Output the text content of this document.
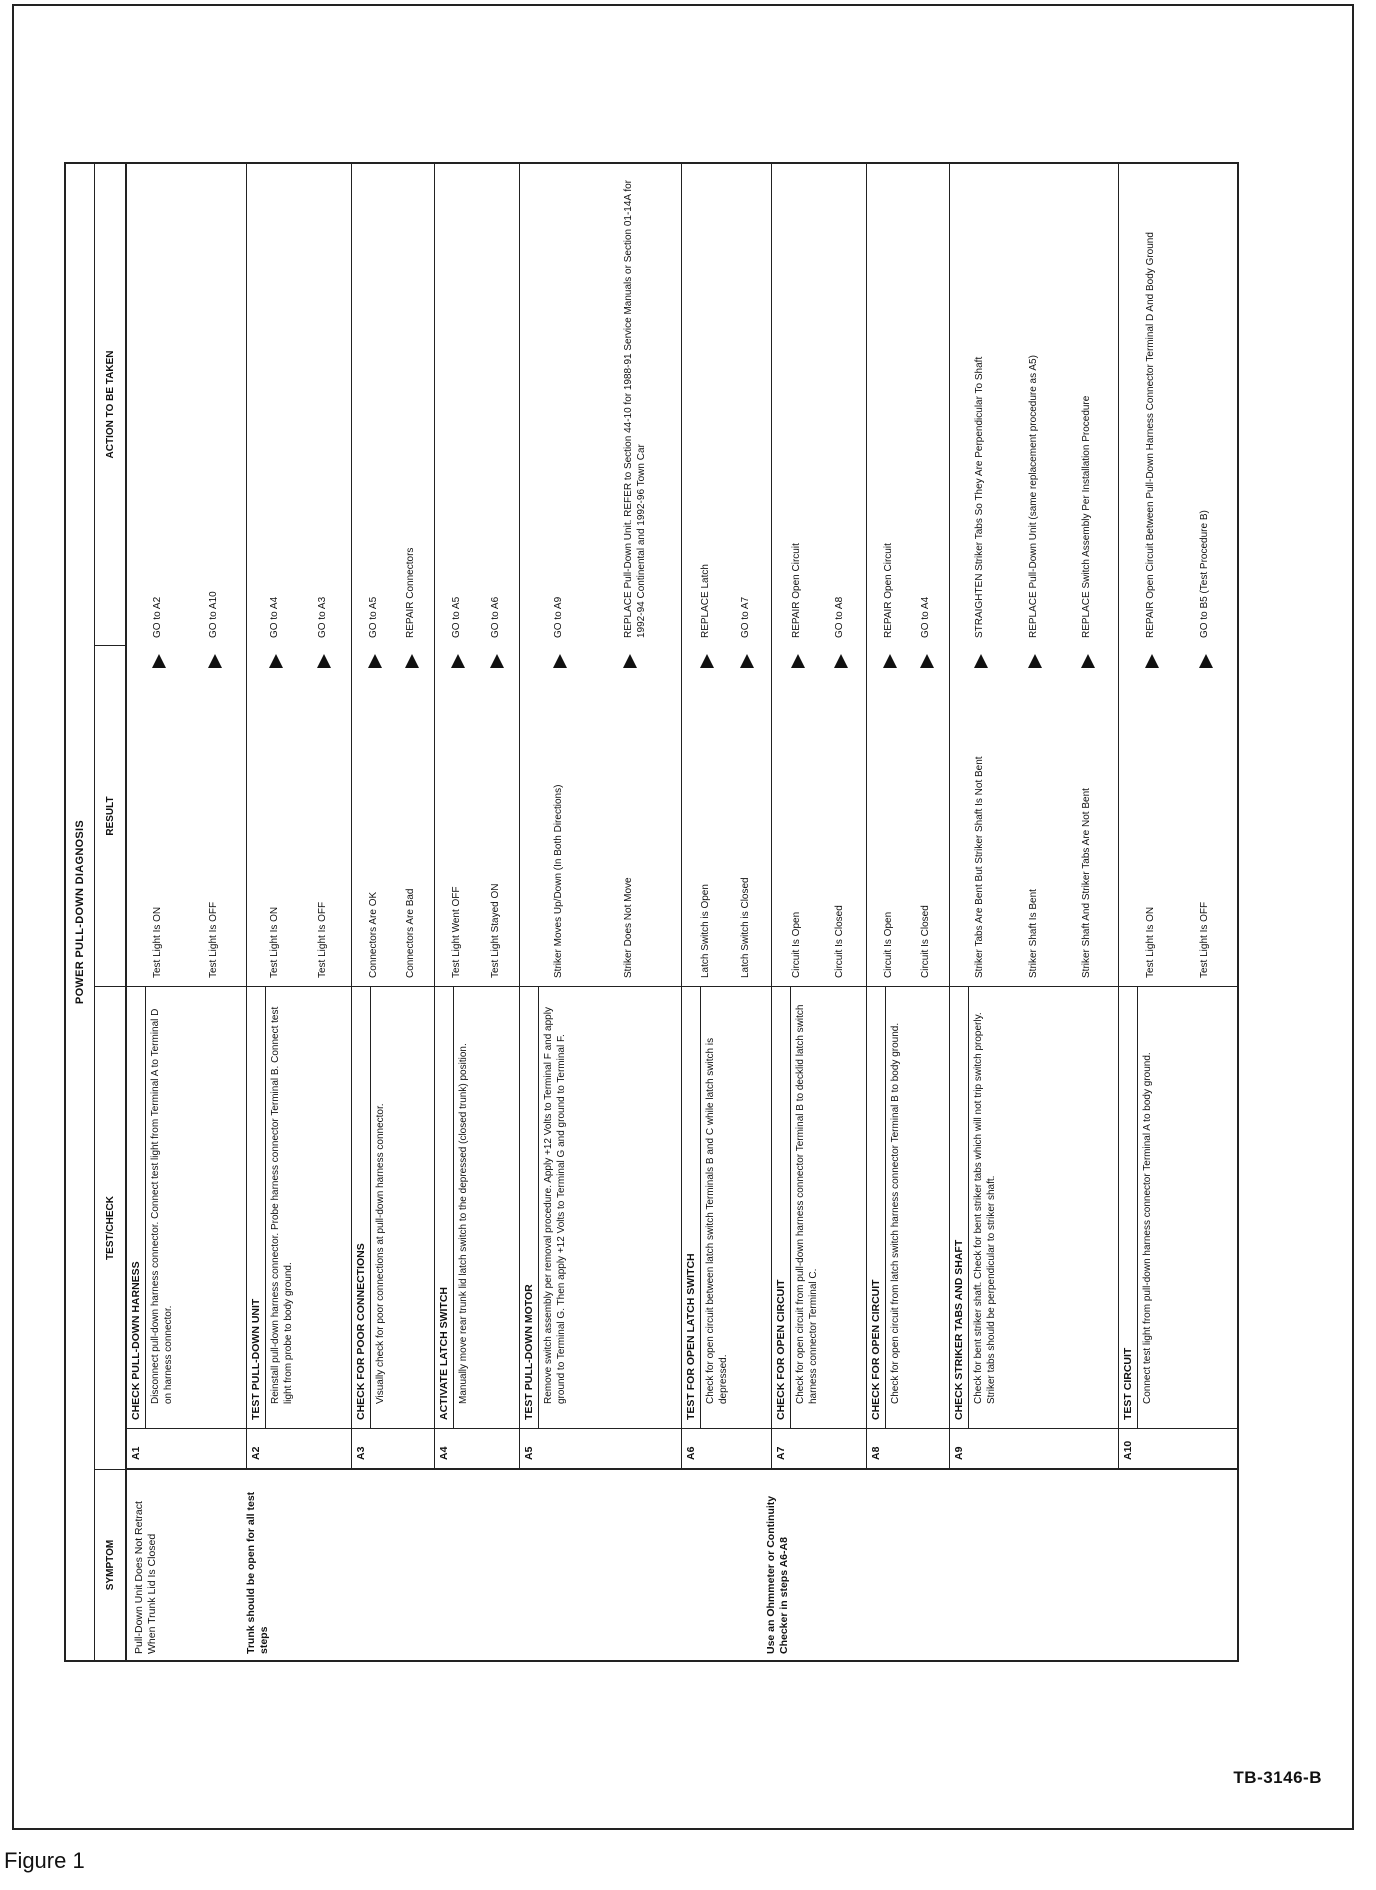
TB-3146-B
Figure 1
POWER PULL-DOWN DIAGNOSIS
SYMPTOM
TEST/CHECK
RESULT
ACTION TO BE TAKEN
Pull-Down Unit Does Not Retract When Trunk Lid Is Closed	Trunk should be open for all test steps	Use an Ohmmeter or Continuity Checker in steps A6-A8
A1
CHECK PULL-DOWN HARNESS Disconnect pull-down harness connector. Connect test light from Terminal A to Terminal D on harness connector.
Test Light Is ON
GO to A2
Test Light Is OFF
GO to A10
A2
TEST PULL-DOWN UNIT Reinstall pull-down harness connector. Probe harness connector Terminal B. Connect test light from probe to body ground.
Test Light Is ON
GO to A4
Test Light Is OFF
GO to A3
A3
CHECK FOR POOR CONNECTIONS Visually check for poor connections at pull-down harness connector.
Connectors Are OK
GO to A5
Connectors Are Bad
REPAIR Connectors
A4
ACTIVATE LATCH SWITCH Manually move rear trunk lid latch switch to the depressed (closed trunk) position.
Test Light Went OFF
GO to A5
Test Light Stayed ON
GO to A6
A5
TEST PULL-DOWN MOTOR Remove switch assembly per removal procedure. Apply +12 Volts to Terminal F and apply ground to Terminal G. Then apply +12 Volts to Terminal G and ground to Terminal F.
Striker Moves Up/Down (In Both Directions)
GO to A9
Striker Does Not Move
REPLACE Pull-Down Unit. REFER to Section 44-10 for 1988-91 Service Manuals or Section 01-14A for 1992-94 Continental and 1992-96 Town Car
A6
TEST FOR OPEN LATCH SWITCH Check for open circuit between latch switch Terminals B and C while latch switch is depressed.
Latch Switch is Open
REPLACE Latch
Latch Switch is Closed
GO to A7
A7
CHECK FOR OPEN CIRCUIT Check for open circuit from pull-down harness connector Terminal B to decklid latch switch harness connector Terminal C.
Circuit Is Open
REPAIR Open Circuit
Circuit Is Closed
GO to A8
A8
CHECK FOR OPEN CIRCUIT Check for open circuit from latch switch harness connector Terminal B to body ground.
Circuit Is Open
REPAIR Open Circuit
Circuit Is Closed
GO to A4
A9
CHECK STRIKER TABS AND SHAFT Check for bent striker shaft. Check for bent striker tabs which will not trip switch properly. Striker tabs should be perpendicular to striker shaft.
Striker Tabs Are Bent But Striker Shaft Is Not Bent
STRAIGHTEN Striker Tabs So They Are Perpendicular To Shaft
Striker Shaft Is Bent
REPLACE Pull-Down Unit (same replacement procedure as A5)
Striker Shaft And Striker Tabs Are Not Bent
REPLACE Switch Assembly Per Installation Procedure
A10
TEST CIRCUIT Connect test light from pull-down harness connector Terminal A to body ground.
Test Light Is ON
REPAIR Open Circuit Between Pull-Down Harness Connector Terminal D And Body Ground
Test Light Is OFF
GO to B5 (Test Procedure B)
